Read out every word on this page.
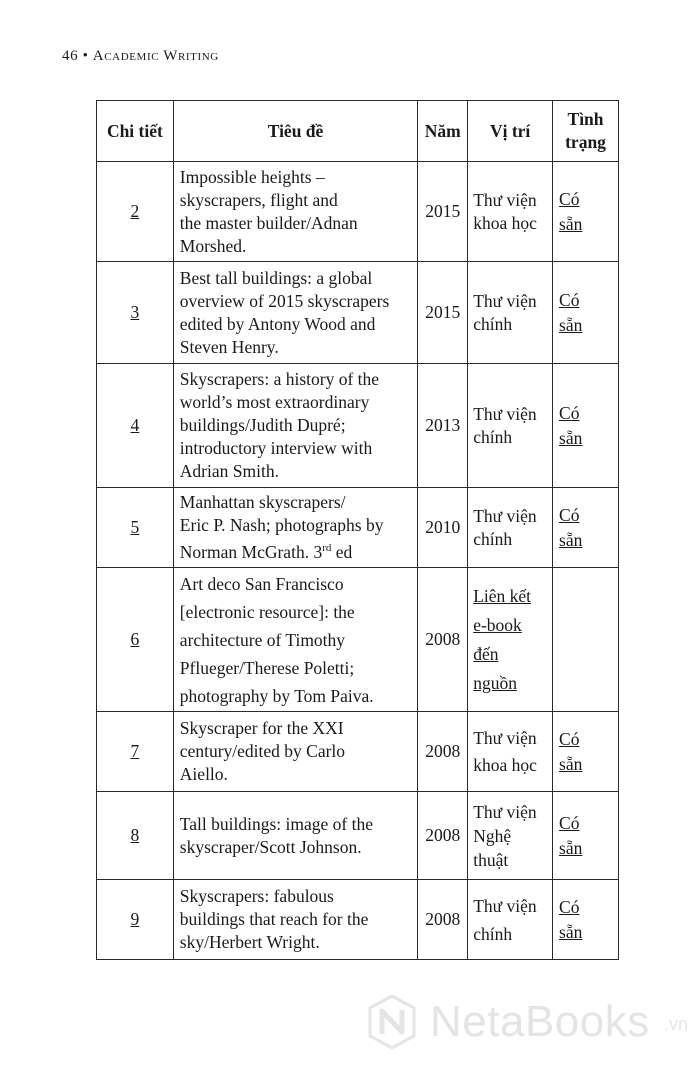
46 • Academic Writing
Chi tiết	Tiêu đề	Năm	Vị trí	Tình
trạng
2	Impossible heights –
skyscrapers, flight and
the master builder/Adnan
Morshed.	2015	Thư viện
khoa học	Có
sẵn
3	Best tall buildings: a global
overview of 2015 skyscrapers
edited by Antony Wood and
Steven Henry.	2015	Thư viện
chính	Có
sẵn
4	Skyscrapers: a history of the
world’s most extraordinary
buildings/Judith Dupré;
introductory interview with
Adrian Smith.	2013	Thư viện
chính	Có
sẵn
5	Manhattan skyscrapers/
Eric P. Nash; photographs by
Norman McGrath. 3rd ed	2010	Thư viện
chính	Có
sẵn
6	Art deco San Francisco
[electronic resource]: the
architecture of Timothy
Pflueger/Therese Poletti;
photography by Tom Paiva.	2008	Liên kết
e-book
đến
nguồn	
7	Skyscraper for the XXI
century/edited by Carlo
Aiello.	2008	Thư viện
khoa học	Có
sẵn
8	Tall buildings: image of the
skyscraper/Scott Johnson.	2008	Thư viện
Nghệ
thuật	Có
sẵn
9	Skyscrapers: fabulous
buildings that reach for the
sky/Herbert Wright.	2008	Thư viện
chính	Có
sẵn
NetaBooks .vn
